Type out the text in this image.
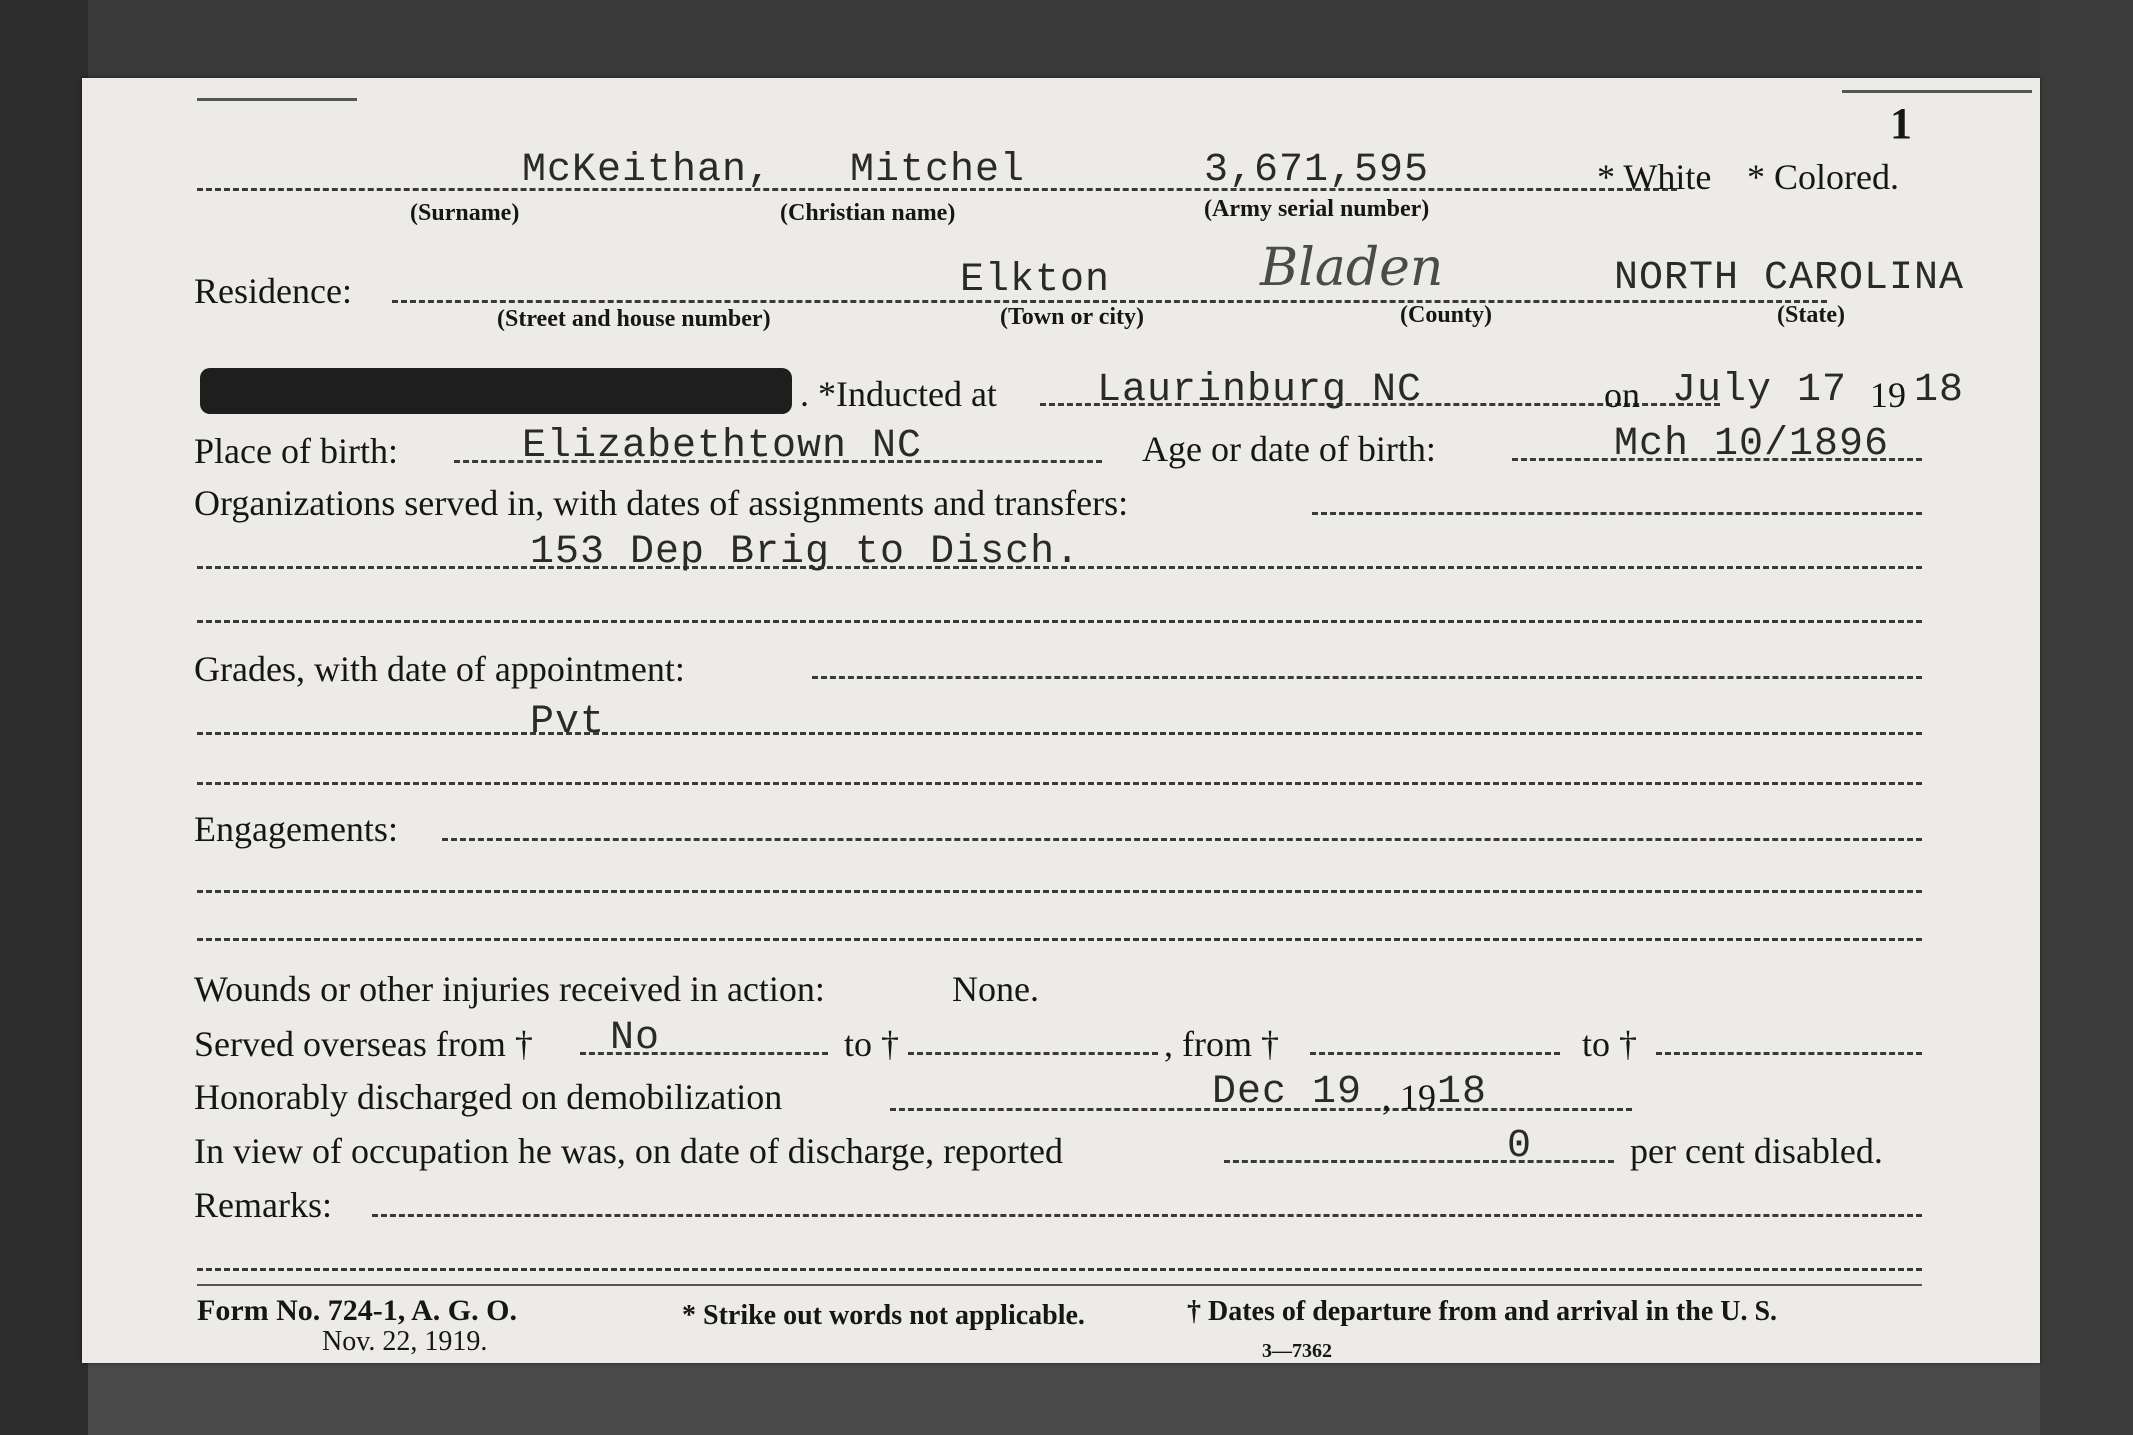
1
McKeithan, Mitchel	3,671,595	* White * Colored.
(Surname)	(Christian name)	(Army serial number)
Residence:	Elkton	Bladen	NORTH CAROLINA
(Street and house number)	(Town or city)	(County)	(State)
. *Inducted at	Laurinburg NC	on July 17 19 18
Place of birth:	Elizabethtown NC	Age or date of birth:	Mch 10/1896
Organizations served in, with dates of assignments and transfers:
153 Dep Brig to Disch.
Grades, with date of appointment:
Pvt
Engagements:
Wounds or other injuries received in action:	None.
Served overseas from † No	to †	, from †	to †
Honorably discharged on demobilization	Dec 19 , 19 18
In view of occupation he was, on date of discharge, reported	0	per cent disabled.
Remarks:
Form No. 724-1, A. G. O.
Nov. 22, 1919.
* Strike out words not applicable.	† Dates of departure from and arrival in the U. S.
3—7362
